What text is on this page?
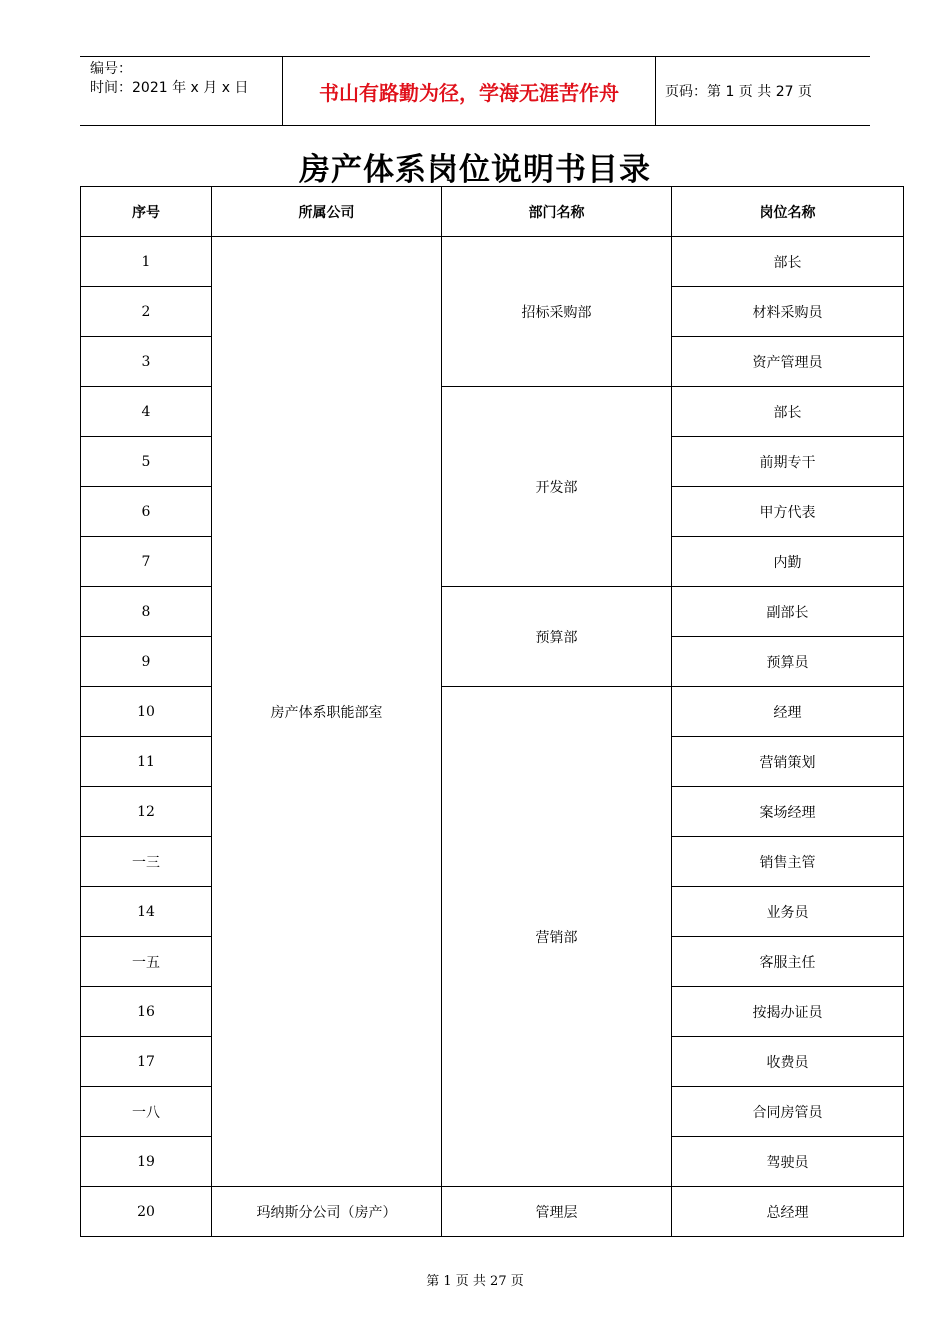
编号：
时间：2021 年 x 月 x 日	书山有路勤为径，学海无涯苦作舟	页码：第 1 页 共 27 页
房产体系岗位说明书目录
序号	所属公司	部门名称	岗位名称
1	房产体系职能部室	招标采购部	部长
2			材料采购员
3			资产管理员
4		开发部	部长
5			前期专干
6			甲方代表
7			内勤
8		预算部	副部长
9			预算员
10		营销部	经理
11			营销策划
12			案场经理
一三			销售主管
14			业务员
一五			客服主任
16			按揭办证员
17			收费员
一八			合同房管员
19			驾驶员
20	玛纳斯分公司（房产）	管理层	总经理
第 1 页 共 27 页
